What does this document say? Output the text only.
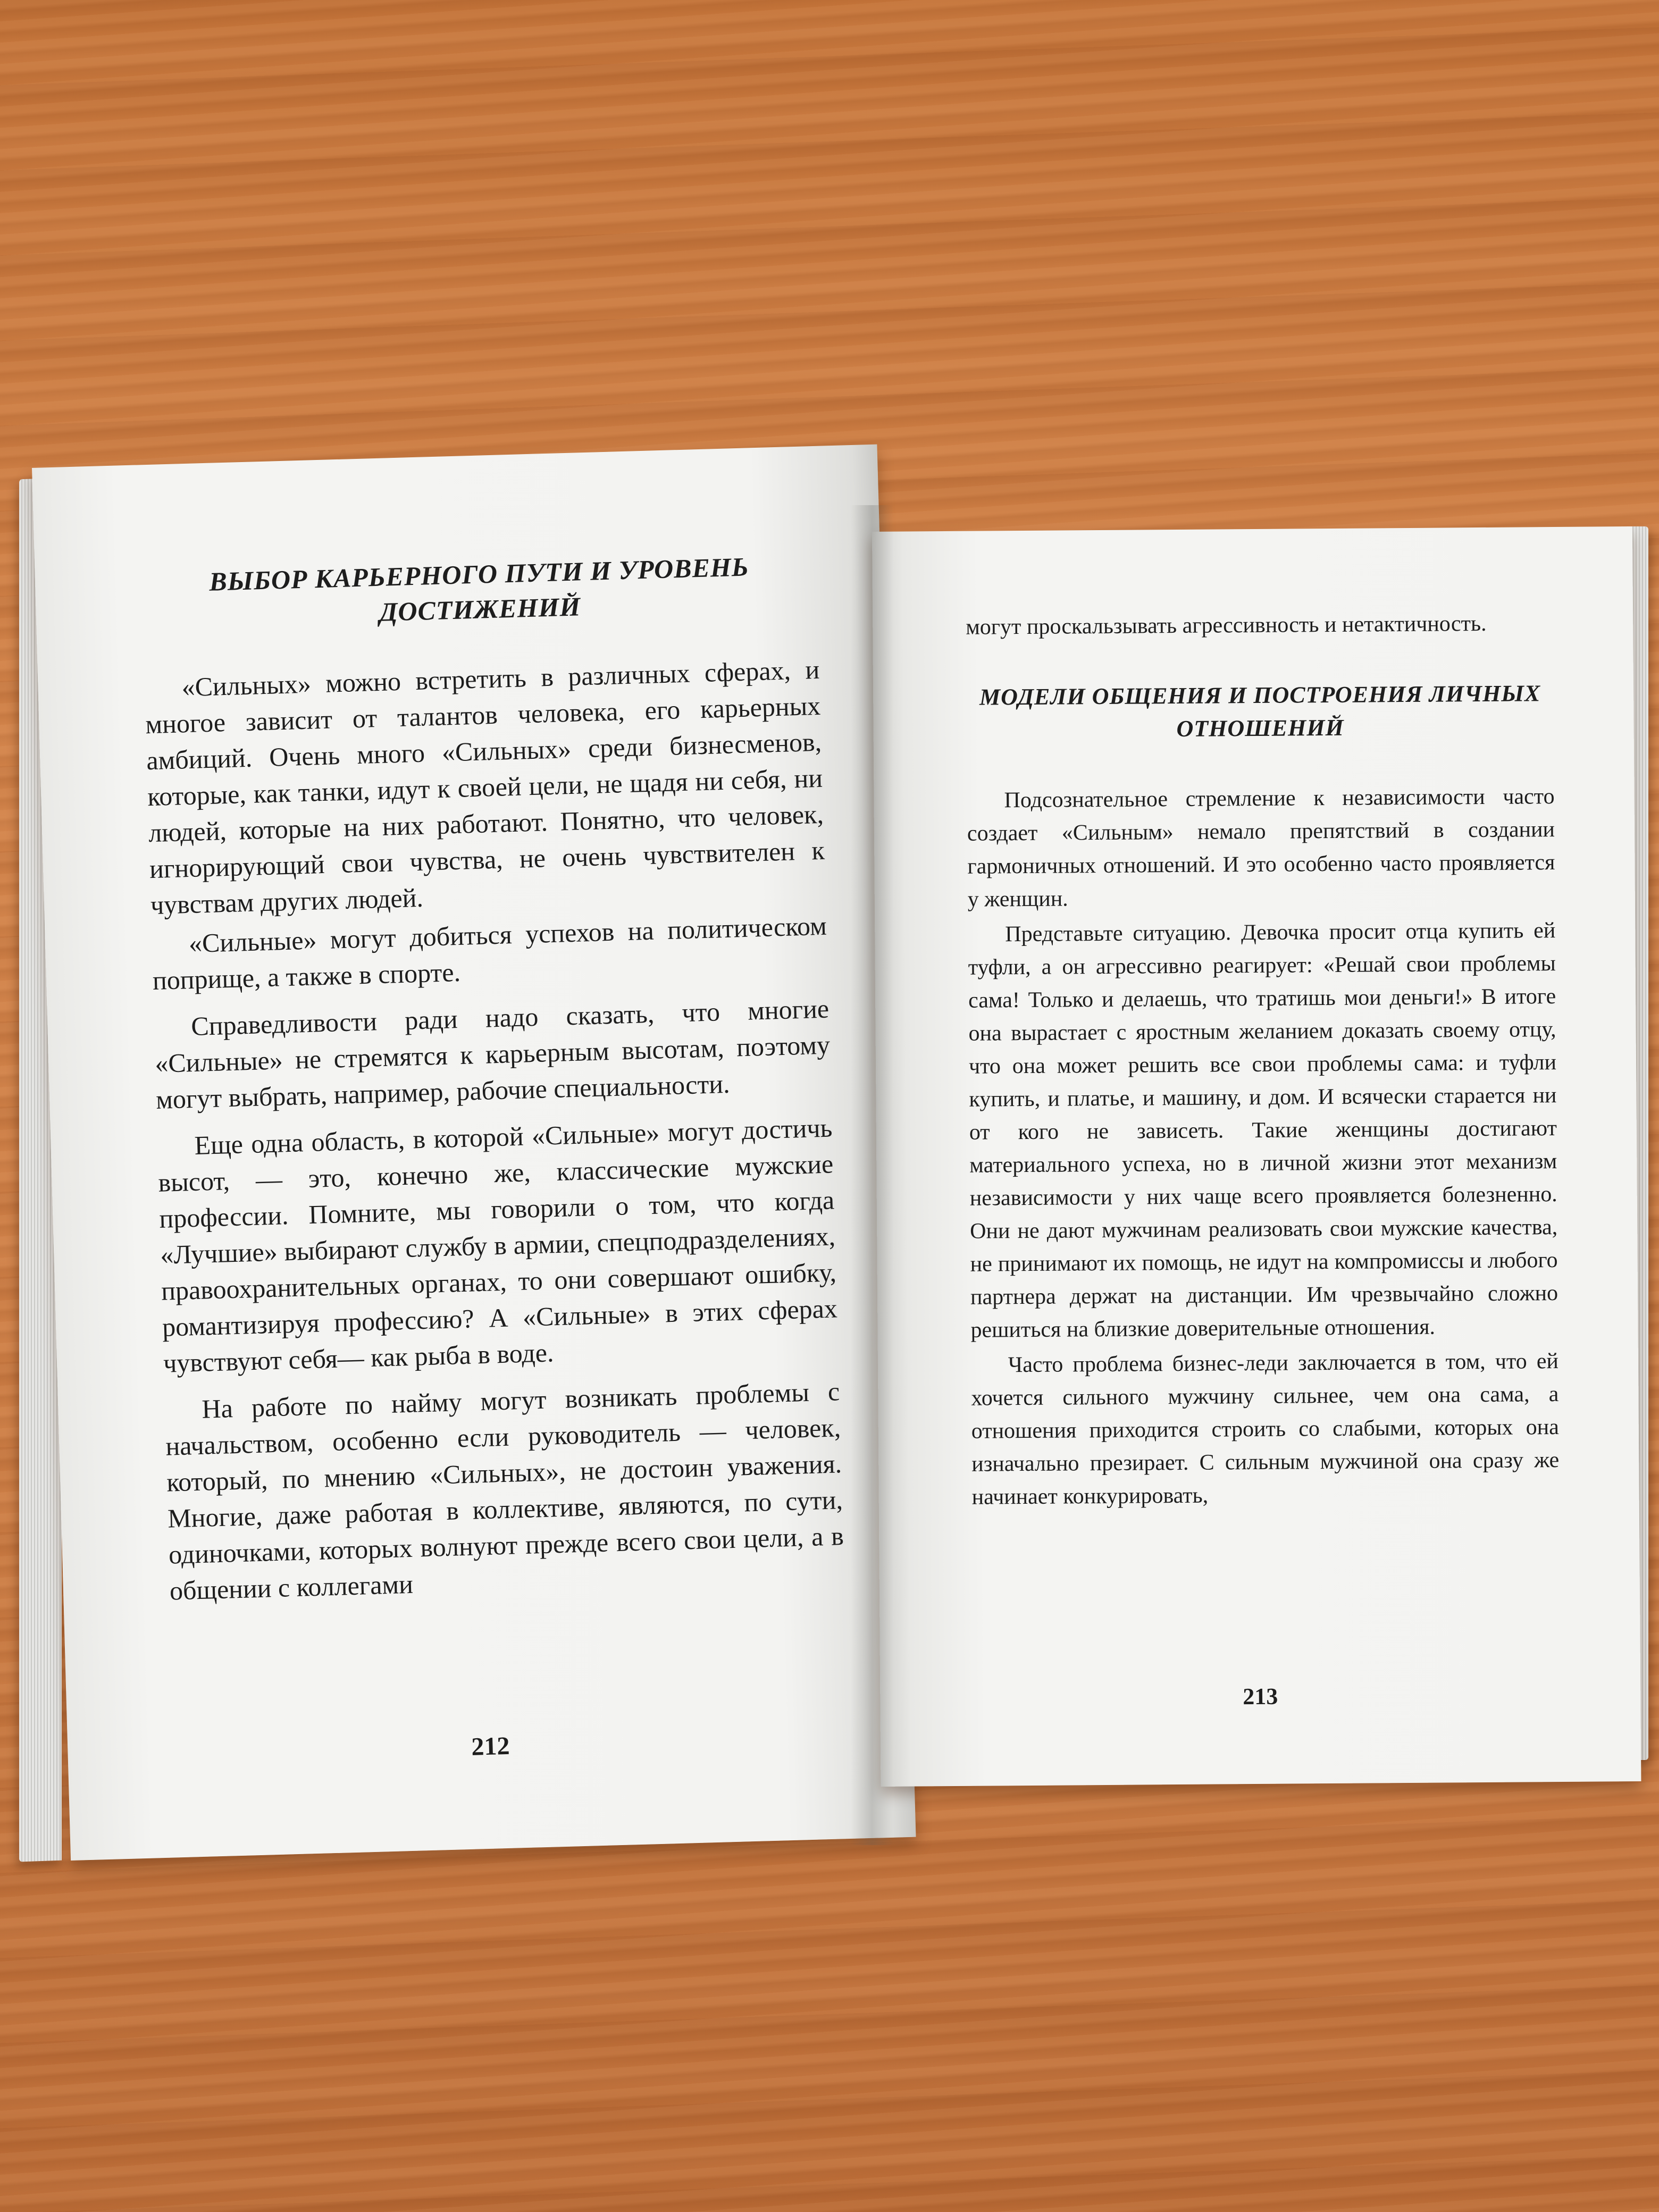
ВЫБОР КАРЬЕРНОГО ПУТИ И УРОВЕНЬ ДОСТИЖЕНИЙ

«Сильных» можно встретить в различных сферах, и многое зависит от талантов человека, его карьерных амбиций. Очень много «Сильных» среди бизнесменов, которые, как танки, идут к своей цели, не щадя ни себя, ни людей, которые на них работают. Понятно, что человек, игнорирующий свои чувства, не очень чувствителен к чувствам других людей.

«Сильные» могут добиться успехов на политическом поприще, а также в спорте.

Справедливости ради надо сказать, что многие «Сильные» не стремятся к карьерным высотам, поэтому могут выбрать, например, рабочие специальности.

Еще одна область, в которой «Сильные» могут достичь высот, — это, конечно же, классические мужские профессии. Помните, мы говорили о том, что когда «Лучшие» выбирают службу в армии, спецподразделениях, правоохранительных органах, то они совершают ошибку, романтизируя профессию? А «Сильные» в этих сферах чувствуют себя— как рыба в воде.

На работе по найму могут возникать проблемы с начальством, особенно если руководитель — человек, который, по мнению «Сильных», не достоин уважения. Многие, даже работая в коллективе, являются, по сути, одиночками, которых волнуют прежде всего свои цели, а в общении с коллегами

212

могут проскальзывать агрессивность и нетактичность.

МОДЕЛИ ОБЩЕНИЯ И ПОСТРОЕНИЯ ЛИЧНЫХ ОТНОШЕНИЙ

Подсознательное стремление к независимости часто создает «Сильным» немало препятствий в создании гармоничных отношений. И это особенно часто проявляется у женщин.

Представьте ситуацию. Девочка просит отца купить ей туфли, а он агрессивно реагирует: «Решай свои проблемы сама! Только и делаешь, что тратишь мои деньги!» В итоге она вырастает с яростным желанием доказать своему отцу, что она может решить все свои проблемы сама: и туфли купить, и платье, и машину, и дом. И всячески старается ни от кого не зависеть. Такие женщины достигают материального успеха, но в личной жизни этот механизм независимости у них чаще всего проявляется болезненно. Они не дают мужчинам реализовать свои мужские качества, не принимают их помощь, не идут на компромиссы и любого партнера держат на дистанции. Им чрезвычайно сложно решиться на близкие доверительные отношения.

Часто проблема бизнес-леди заключается в том, что ей хочется сильного мужчину сильнее, чем она сама, а отношения приходится строить со слабыми, которых она изначально презирает. С сильным мужчиной она сразу же начинает конкурировать,

213
